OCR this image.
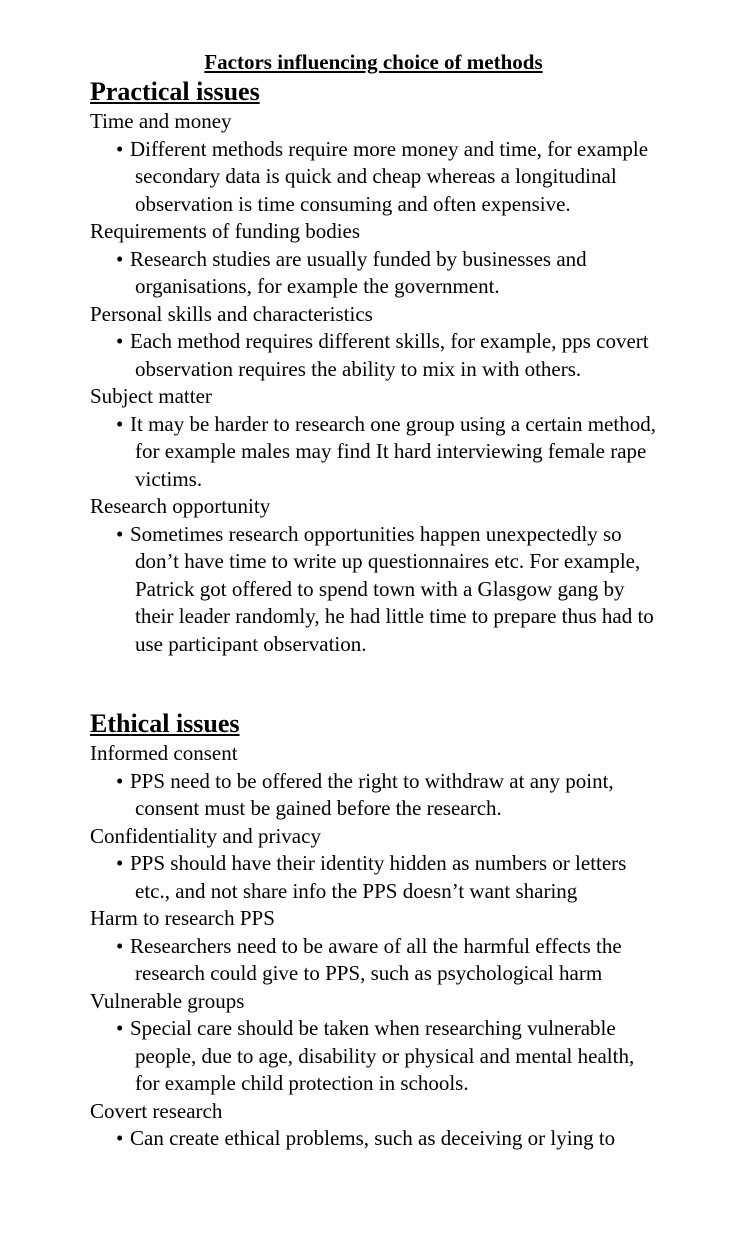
Factors influencing choice of methods
Practical issues

Time and money

• Different methods require more money and time, for example secondary data is quick and cheap whereas a longitudinal observation is time consuming and often expensive.

Requirements of funding bodies

• Research studies are usually funded by businesses and organisations, for example the government.

Personal skills and characteristics

• Each method requires different skills, for example, pps covert observation requires the ability to mix in with others.

Subject matter

• It may be harder to research one group using a certain method, for example males may find It hard interviewing female rape victims.

Research opportunity

• Sometimes research opportunities happen unexpectedly so don’t have time to write up questionnaires etc. For example, Patrick got offered to spend town with a Glasgow gang by their leader randomly, he had little time to prepare thus had to use participant observation.
Ethical issues

Informed consent

• PPS need to be offered the right to withdraw at any point, consent must be gained before the research.

Confidentiality and privacy

• PPS should have their identity hidden as numbers or letters etc., and not share info the PPS doesn’t want sharing

Harm to research PPS

• Researchers need to be aware of all the harmful effects the research could give to PPS, such as psychological harm

Vulnerable groups

• Special care should be taken when researching vulnerable people, due to age, disability or physical and mental health, for example child protection in schools.

Covert research

• Can create ethical problems, such as deceiving or lying to
